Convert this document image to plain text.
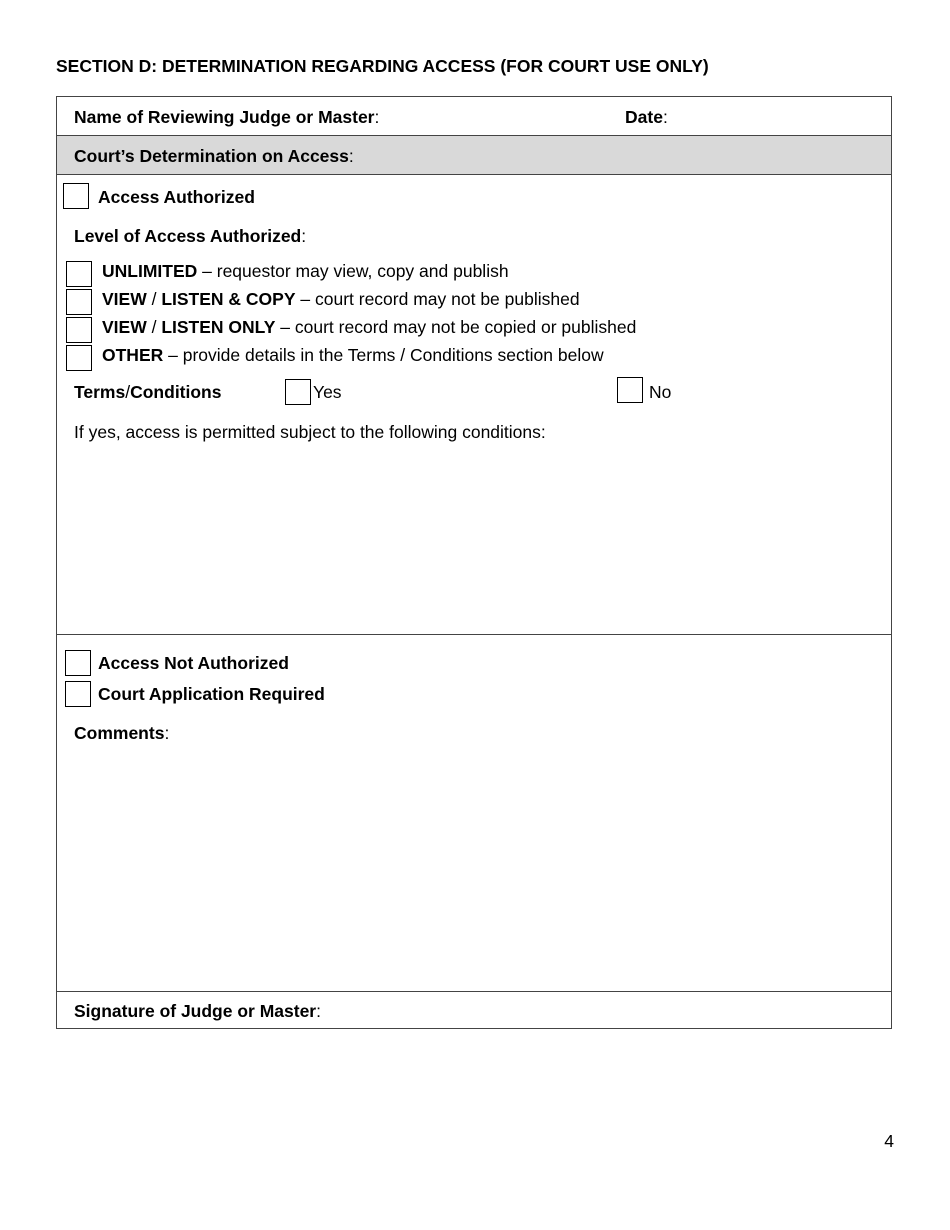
SECTION D: DETERMINATION REGARDING ACCESS (FOR COURT USE ONLY)
Name of Reviewing Judge or Master:	Date:
Court’s Determination on Access:
Access Authorized
Level of Access Authorized:
UNLIMITED – requestor may view, copy and publish
VIEW / LISTEN & COPY – court record may not be published
VIEW / LISTEN ONLY – court record may not be copied or published
OTHER – provide details in the Terms / Conditions section below
Terms/Conditions	Yes	No
If yes, access is permitted subject to the following conditions:
Access Not Authorized
Court Application Required
Comments:
Signature of Judge or Master:
4
